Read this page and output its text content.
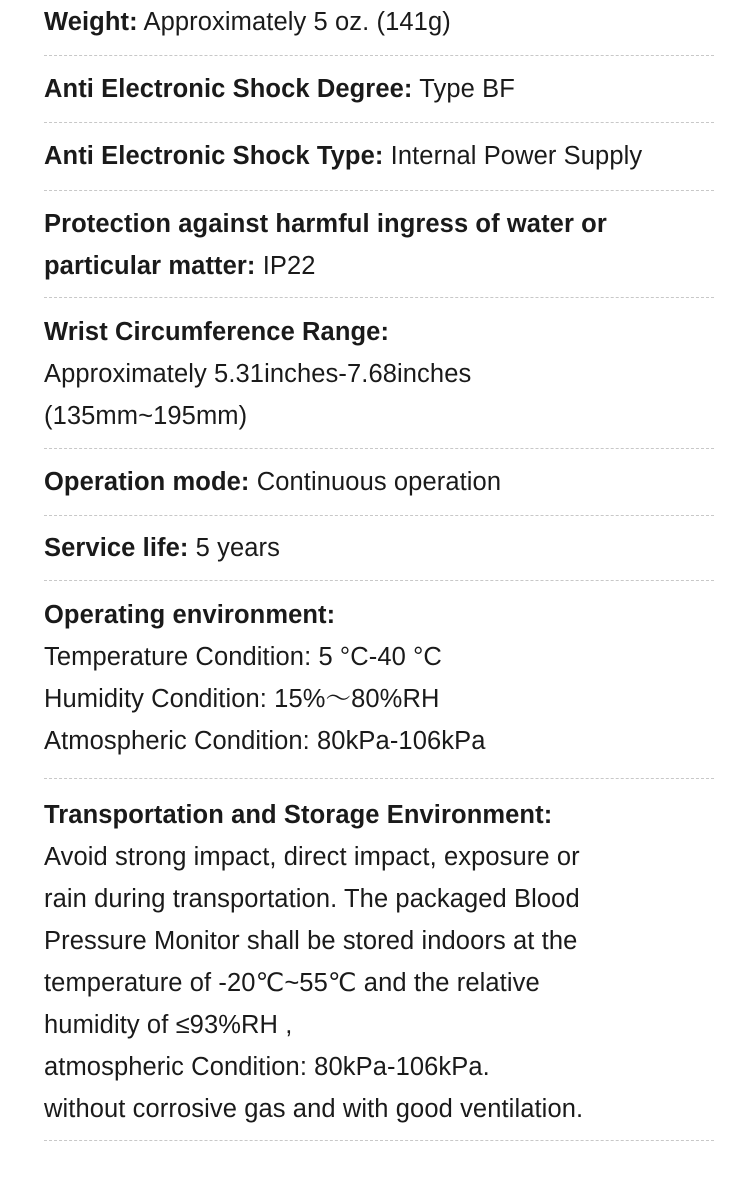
Weight: Approximately 5 oz. (141g)
Anti Electronic Shock Degree: Type BF
Anti Electronic Shock Type: Internal Power Supply
Protection against harmful ingress of water or
particular matter: IP22
Wrist Circumference Range:
Approximately 5.31inches-7.68inches
(135mm~195mm)
Operation mode: Continuous operation
Service life: 5 years
Operating environment:
Temperature Condition: 5 °C-40 °C
Humidity Condition: 15%～80%RH
Atmospheric Condition: 80kPa-106kPa
Transportation and Storage Environment:
Avoid strong impact, direct impact, exposure or
rain during transportation. The packaged Blood
Pressure Monitor shall be stored indoors at the
temperature of -20℃~55℃ and the relative
humidity of ≤93%RH ,
atmospheric Condition: 80kPa-106kPa.
without corrosive gas and with good ventilation.
